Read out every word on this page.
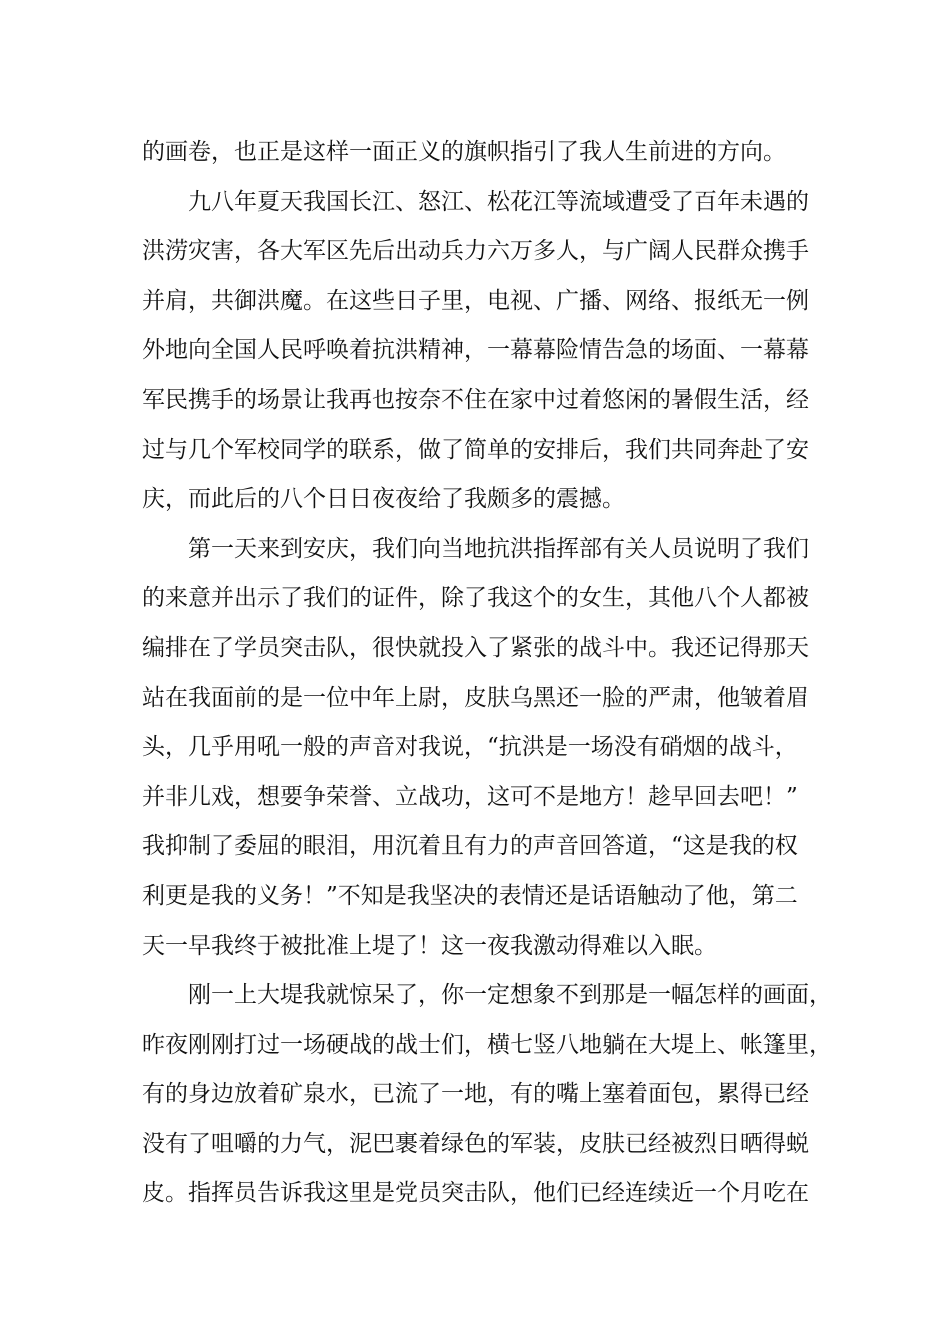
的画卷，也正是这样一面正义的旗帜指引了我人生前进的方向。
九八年夏天我国长江、怒江、松花江等流域遭受了百年未遇的
洪涝灾害，各大军区先后出动兵力六万多人，与广阔人民群众携手
并肩，共御洪魔。在这些日子里，电视、广播、网络、报纸无一例
外地向全国人民呼唤着抗洪精神，一幕幕险情告急的场面、一幕幕
军民携手的场景让我再也按奈不住在家中过着悠闲的暑假生活，经
过与几个军校同学的联系，做了简单的安排后，我们共同奔赴了安
庆，而此后的八个日日夜夜给了我颇多的震撼。
第一天来到安庆，我们向当地抗洪指挥部有关人员说明了我们
的来意并出示了我们的证件，除了我这个的女生，其他八个人都被
编排在了学员突击队，很快就投入了紧张的战斗中。我还记得那天
站在我面前的是一位中年上尉，皮肤乌黑还一脸的严肃，他皱着眉
头，几乎用吼一般的声音对我说，“抗洪是一场没有硝烟的战斗，
并非儿戏，想要争荣誉、立战功，这可不是地方！趁早回去吧！”
我抑制了委屈的眼泪，用沉着且有力的声音回答道，“这是我的权
利更是我的义务！”不知是我坚决的表情还是话语触动了他，第二
天一早我终于被批准上堤了！这一夜我激动得难以入眠。
刚一上大堤我就惊呆了，你一定想象不到那是一幅怎样的画面，
昨夜刚刚打过一场硬战的战士们，横七竖八地躺在大堤上、帐篷里，
有的身边放着矿泉水，已流了一地，有的嘴上塞着面包，累得已经
没有了咀嚼的力气，泥巴裹着绿色的军装，皮肤已经被烈日晒得蜕
皮。指挥员告诉我这里是党员突击队，他们已经连续近一个月吃在
